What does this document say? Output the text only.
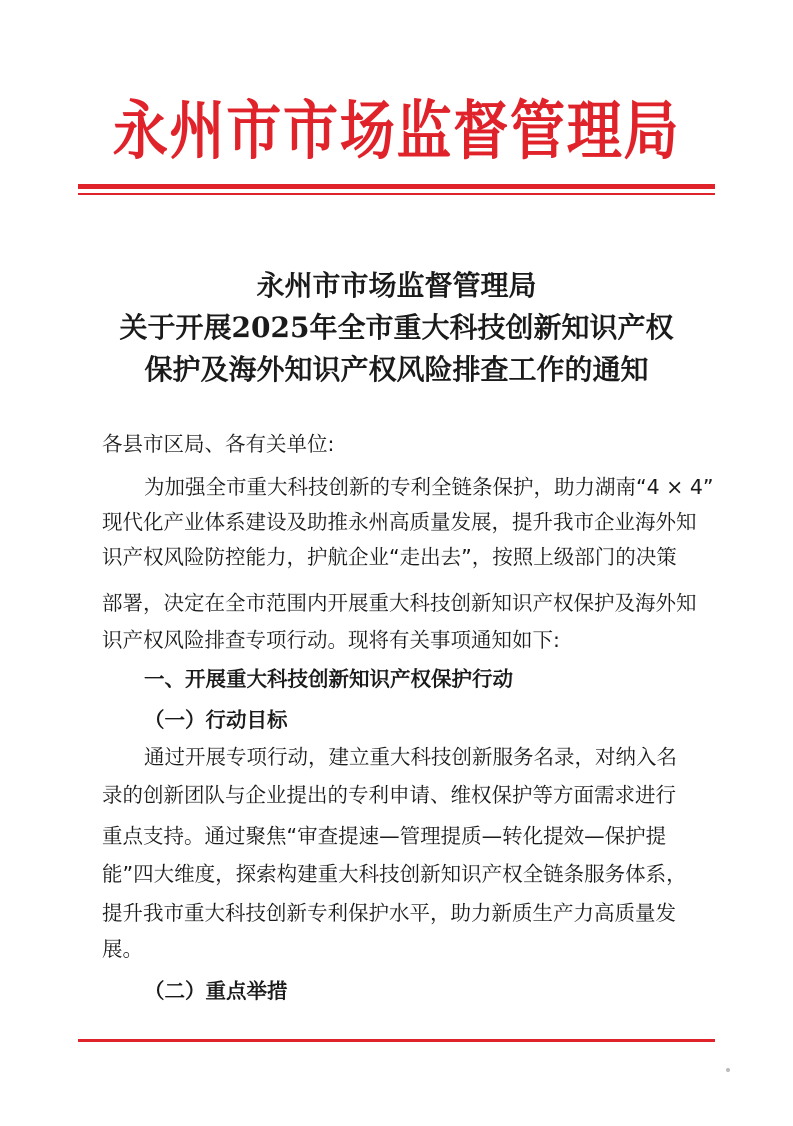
永州市市场监督管理局
永州市市场监督管理局
关于开展2025年全市重大科技创新知识产权
保护及海外知识产权风险排查工作的通知
各县市区局、各有关单位:
为加强全市重大科技创新的专利全链条保护，助力湖南“4 × 4”
现代化产业体系建设及助推永州高质量发展，提升我市企业海外知
识产权风险防控能力，护航企业“走出去”，按照上级部门的决策
部署，决定在全市范围内开展重大科技创新知识产权保护及海外知
识产权风险排查专项行动。现将有关事项通知如下:
一、开展重大科技创新知识产权保护行动
（一）行动目标
通过开展专项行动，建立重大科技创新服务名录，对纳入名
录的创新团队与企业提出的专利申请、维权保护等方面需求进行
重点支持。通过聚焦“审查提速—管理提质—转化提效—保护提
能”四大维度，探索构建重大科技创新知识产权全链条服务体系，
提升我市重大科技创新专利保护水平，助力新质生产力高质量发
展。
（二）重点举措
